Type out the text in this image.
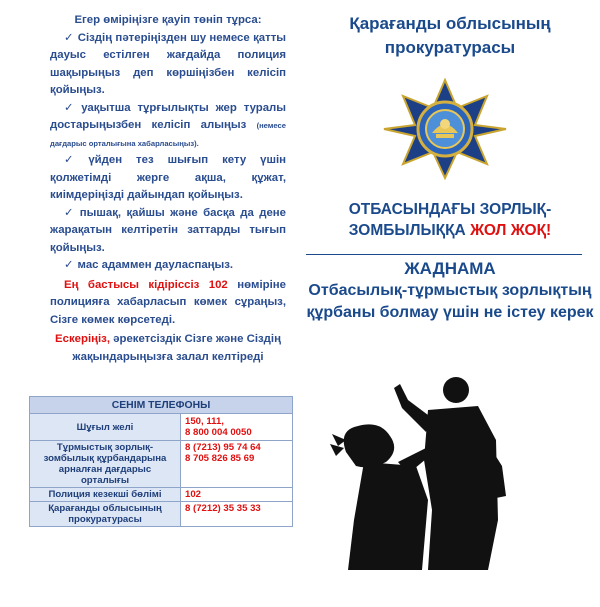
Егер өміріңізге қауіп төніп тұрса:

✓ Сіздің пәтеріңізден шу немесе қатты дауыс естілген жағдайда полиция шақырыңыз деп көршіңізбен келісіп қойыңыз.

✓ уақытша тұрғылықты жер туралы достарыңызбен келісіп алыңыз (немесе дағдарыс орталығына хабарласыңыз).

✓ үйден тез шығып кету үшін қолжетімді жерге ақша, құжат, киімдеріңізді дайындап қойыңыз.

✓ пышақ, қайшы және басқа да дене жарақатын келтіретін заттарды тығып қойыңыз.

✓ мас адаммен дауласпаңыз.

Ең бастысы кідіріссіз 102 нөміріне полицияға хабарласып көмек сұраңыз, Сізге көмек көрсетеді.

Ескеріңіз, әрекетсіздік Сізге және Сіздің жақындарыңызға залал келтіреді

СЕНІМ ТЕЛЕФОНЫ	
Шұғыл желі	150, 111,
8 800 004 0050
Тұрмыстық зорлық-зомбылық құрбандарына арналған дағдарыс орталығы	8 (7213) 95 74 64
8 705 826 85 69
Полиция кезекші бөлімі	102
Қарағанды облысының прокуратурасы	8 (7212) 35 35 33
Қарағанды облысының прокуратурасы
ОТБАСЫНДАҒЫ ЗОРЛЫҚ-
ЗОМБЫЛЫҚҚА ЖОЛ ЖОҚ!
ЖАДНАМА
Отбасылық-тұрмыстық зорлықтың құрбаны болмау үшін не істеу керек
